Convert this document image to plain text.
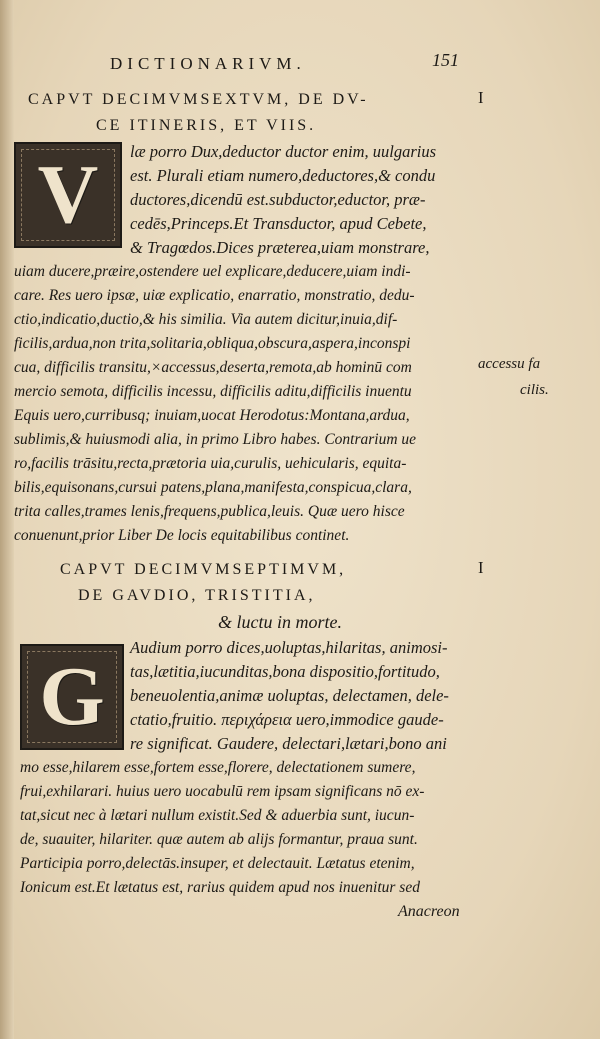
DICTIONARIVM.	151
CAPVT DECIMVMSEXTVM, DE DV-	I
CE ITINERIS, ET VIIS.
V læ porro Dux,deductor ductor enim, uulgarius
est. Plurali etiam numero,deductores,& condu
ductores,dicendū est.subductor,eductor, præ-
cedēs,Princeps.Et Transductor, apud Cebete,
& Tragœdos.Dices præterea,uiam monstrare,
uiam ducere,præire,ostendere uel explicare,deducere,uiam indi-
care. Res uero ipsæ, uiæ explicatio, enarratio, monstratio, dedu-
ctio,indicatio,ductio,& his similia. Via autem dicitur,inuia,dif-
ficilis,ardua,non trita,solitaria,obliqua,obscura,aspera,inconspi
cua, difficilis transitu,×accessus,deserta,remota,ab hominū com	accessu fa
mercio semota, difficilis incessu, difficilis aditu,difficilis inuentu	cilis.
Equis uero,curribusq; inuiam,uocat Herodotus:Montana,ardua,
sublimis,& huiusmodi alia, in primo Libro habes. Contrarium ue
ro,facilis trāsitu,recta,prætoria uia,curulis, uehicularis, equita-
bilis,equisonans,cursui patens,plana,manifesta,conspicua,clara,
trita calles,trames lenis,frequens,publica,leuis. Quæ uero hisce
conuenunt,prior Liber De locis equitabilibus continet.
CAPVT DECIMVMSEPTIMVM,	I
DE GAVDIO, TRISTITIA,
& luctu in morte.
G
Audium porro dices,uoluptas,hilaritas, animosi-
tas,lætitia,iucunditas,bona dispositio,fortitudo,
beneuolentia,animæ uoluptas, delectamen, dele-
ctatio,fruitio. περιχάρεια uero,immodice gaude-
re significat. Gaudere, delectari,lætari,bono ani
mo esse,hilarem esse,fortem esse,florere, delectationem sumere,
frui,exhilarari. huius uero uocabulū rem ipsam significans nō ex-
tat,sicut nec à lætari nullum existit.Sed & aduerbia sunt, iucun-
de, suauiter, hilariter. quæ autem ab alijs formantur, praua sunt.
Participia porro,delectās.insuper, et delectauit. Lætatus etenim,
Ionicum est.Et lætatus est, rarius quidem apud nos inuenitur sed
Anacreon
